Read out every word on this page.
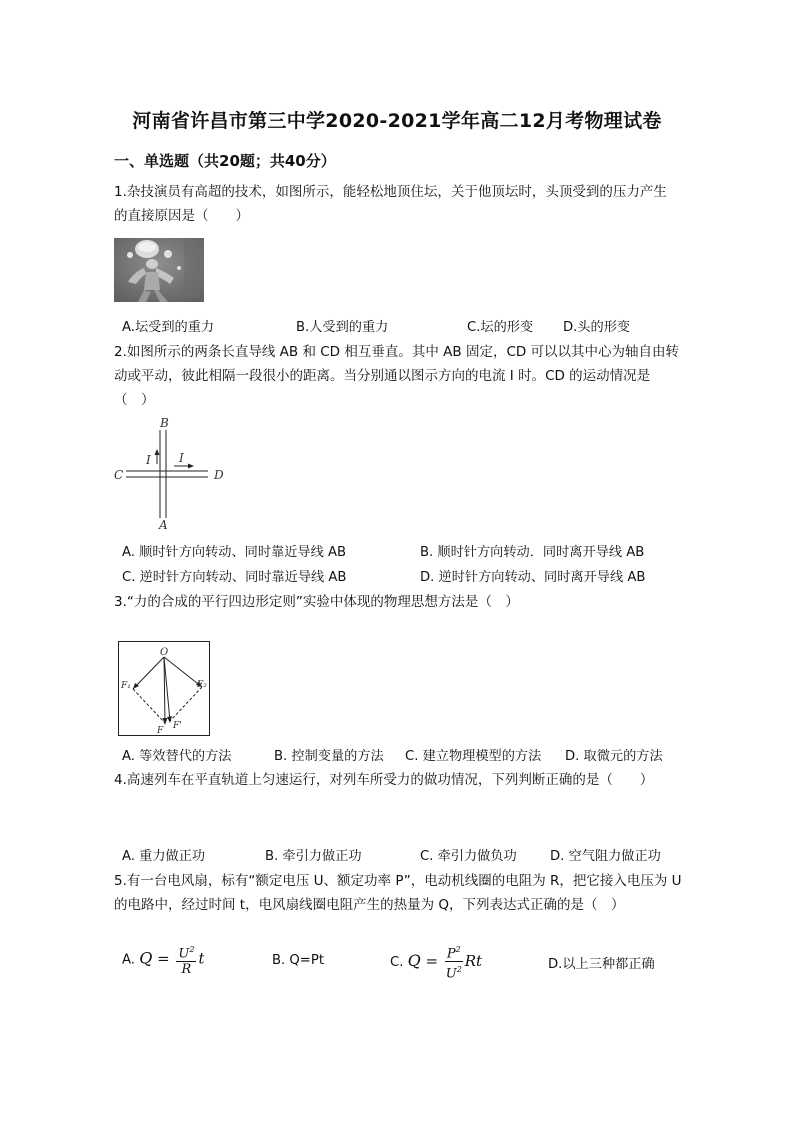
河南省许昌市第三中学2020-2021学年高二12月考物理试卷
一、单选题（共20题；共40分）
1.杂技演员有高超的技术，如图所示，能轻松地顶住坛，关于他顶坛时，头顶受到的压力产生
的直接原因是（　　）
A.坛受到的重力	B.人受到的重力	C.坛的形变 D.头的形变
2.如图所示的两条长直导线 AB 和 CD 相互垂直。其中 AB 固定，CD 可以以其中心为轴自由转
动或平动，彼此相隔一段很小的距离。当分别通以图示方向的电流 I 时。CD 的运动情况是
（　）
B
A
C	D
I I
A. 顺时针方向转动、同时靠近导线 AB	B. 顺时针方向转动．同时离开导线 AB
C. 逆时针方向转动、同时靠近导线 AB	D. 逆时针方向转动、同时离开导线 AB
3.“力的合成的平行四边形定则”实验中体现的物理思想方法是（　）
O
F₁	F₂
F F'
A. 等效替代的方法	B. 控制变量的方法 C. 建立物理模型的方法 D. 取微元的方法
4.高速列车在平直轨道上匀速运行，对列车所受力的做功情况，下列判断正确的是（　　）
A. 重力做正功	B. 牵引力做正功	C. 牵引力做负功	D. 空气阻力做正功
5.有一台电风扇，标有“额定电压 U、额定功率 P”，电动机线圈的电阻为 R，把它接入电压为 U
的电路中，经过时间 t，电风扇线圈电阻产生的热量为 Q，下列表达式正确的是（　）
A. $Q = \frac{U^2}{R}$ t	B. Q=Pt	C. $Q = \frac{P^2}{U^2}$ Rt	D.以上三种都正确
